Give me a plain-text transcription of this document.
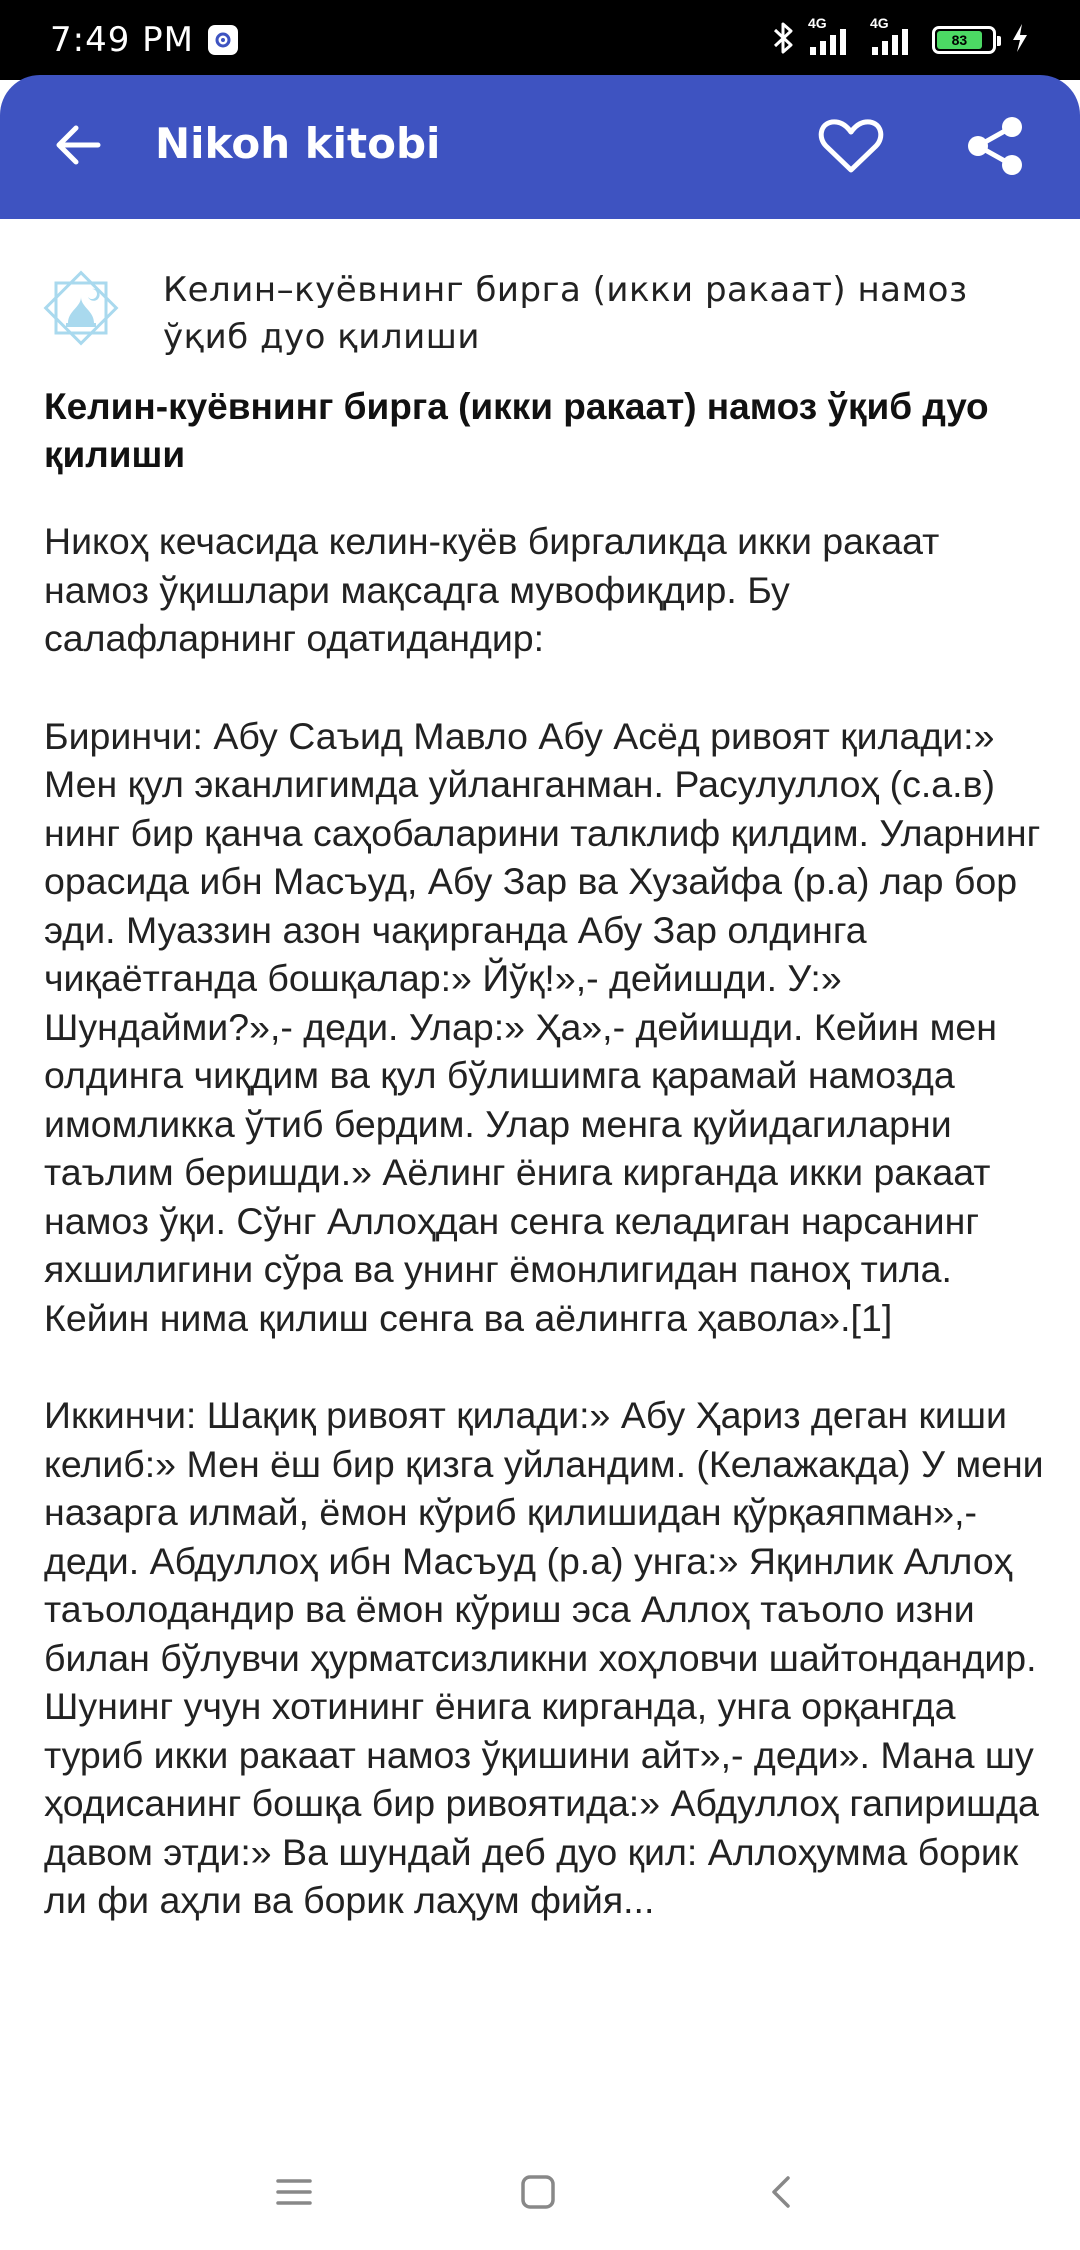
7:49 PM	4G	4G
83
Nikoh kitobi
Келин–куёвнинг бирга (икки ракаат) намоз ўқиб дуо қилиши
Келин-куёвнинг бирга (икки ракаат) намоз ўқиб дуо қилиши

Никоҳ кечасида келин-куёв биргаликда икки ракаат намоз ўқишлари мақсадга мувофиқдир. Бу салафларнинг одатидандир:

Биринчи: Абу Саъид Мавло Абу Асёд ривоят қилади:» Мен қул эканлигимда уйланганман. Расулуллоҳ (с.а.в) нинг бир қанча саҳобаларини талклиф қилдим. Уларнинг орасида ибн Масъуд, Абу Зар ва Хузайфа (р.а) лар бор эди. Муаззин азон чақирганда Абу Зар олдинга чиқаётганда бошқалар:» Йўқ!»,- дейишди. У:» Шундайми?»,- деди. Улар:» Ҳа»,- дейишди. Кейин мен олдинга чиқдим ва қул бўлишимга қарамай намозда имомликка ўтиб бердим. Улар менга қуйидагиларни таълим беришди.» Аёлинг ёнига кирганда икки ракаат намоз ўқи. Сўнг Аллоҳдан сенга келадиган нарсанинг яхшилигини сўра ва унинг ёмонлигидан паноҳ тила. Кейин нима қилиш сенга ва аёлингга ҳавола».[1]

Иккинчи: Шақиқ ривоят қилади:» Абу Ҳариз деган киши келиб:» Мен ёш бир қизга уйландим. (Келажакда) У мени назарга илмай, ёмон кўриб қилишидан қўрқаяпман»,- деди. Абдуллоҳ ибн Масъуд (р.а) унга:» Яқинлик Аллоҳ таъолодандир ва ёмон кўриш эса Аллоҳ таъоло изни билан бўлувчи ҳурматсизликни хоҳловчи шайтондандир. Шунинг учун хотининг ёнига кирганда, унга орқангда туриб икки ракаат намоз ўқишини айт»,- деди». Мана шу ҳодисанинг бошқа бир ривоятида:» Абдуллоҳ гапиришда давом этди:» Ва шундай деб дуо қил: Аллоҳумма борик ли фи аҳли ва борик лаҳум фийя...
